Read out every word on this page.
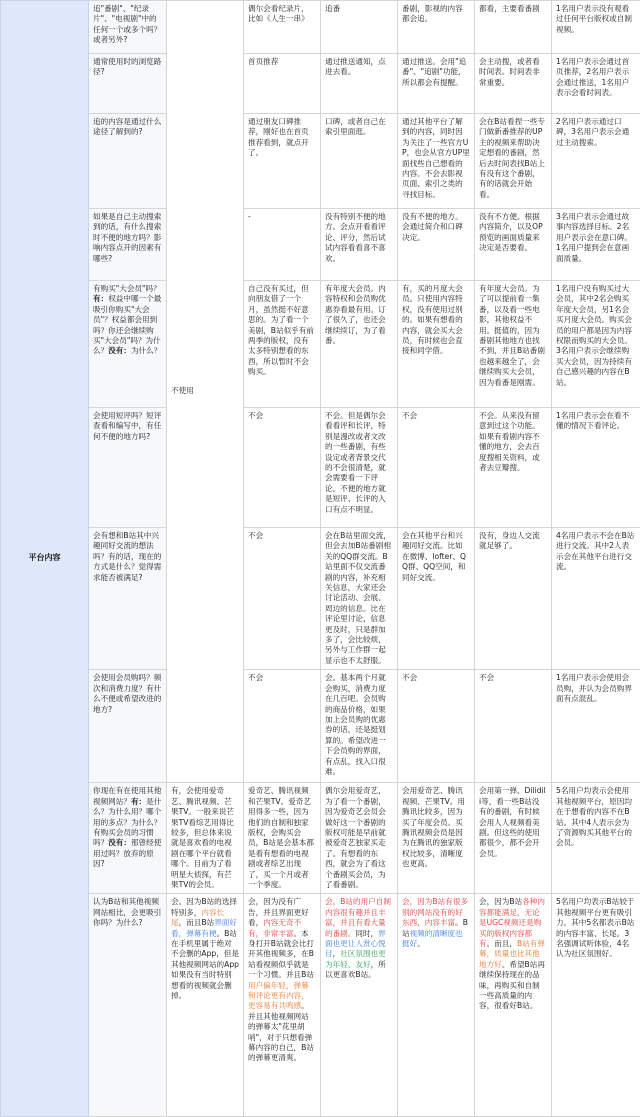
平台内容	追"番剧"、"纪录片"、"电视剧"中的任何一个或多个吗？或者另外?	不使用	偶尔会看纪录片，比如《人生一串》	追番	番剧，影视的内容都会追。	都看，主要看番剧	1名用户表示没有观看过任何平台版权或自制视频。
	通常使用时的浏览路径?		首页推荐	通过推送通知，点进去看。	通过推送。会用"追番"、"追剧"功能，所以都会有提醒。	会主动搜，或者看时间表。时间表非常重要。	1名用户表示会通过首页推荐，2名用户表示会通过推送，1名用户表示会看时间表。
	追的内容是通过什么途径了解到的?		通过朋友口碑推荐，刚好也在首页推荐看到，就点开了。	口碑，或者自己在索引里面逛。	通过其他平台了解到的内容，同时因为关注了一些官方UP，也会从官方UP里面找些自己想看的内容。不会去影视页面、索引之类的寻找目标。	会在B站看捏一些专门做新番推荐的UP主的视频来帮助决定想看的番剧，然后去时间表找B站上有没有这个番剧，有的话就会开始看。	2名用户表示通过口碑，3名用户表示会通过主动搜索。
	如果是自己主动搜索到的话，有什么搜索时不便的地方吗？影响内容点开的因素有哪些?		-	没有特别不便的地方。会点开看看评论、评分，然后试试内容看看喜不喜欢。	没有不便的地方。会通过简介和口碑决定。	没有不方便。根据内容简介，以及OP预览的画面质量来决定是否要看。	3名用户表示会通过故事内容选择目标。2名用户表示会在意口碑。1名用户提到会在意画面质量。
	有购买"大会员"吗？有：权益中哪一个最吸引你购买"大会员"？权益都会用到吗？你还会继续购买"大会员"吗？为什么？没有：为什么？		自己没有买过，但向朋友借了一个月，虽然挺不好意思的。为了看一个美剧，B站似乎有前两季的版权，没有太多特别想看的东西，所以暂时不会购买。	有年度大会员。内容特权和会员购优惠券看最有用。订了很久了，也还会继续续订，为了看番。	有，买的月度大会员。只使用内容特权，没有使用过别的。如果有想看的内容，就会买大会员，有时候也会直接和同学借。	有年度大会员。为了可以提前看一集番，以及看一些电影，其他权益不用。挺值的，因为番剧其他地方也找不到，并且B站番剧也越来越全了，会继续购买大会员，因为看番是刚需。	1名用户没有购买过大会员，其中2名会购买年度大会员，另1名会买月度大会员。购买会员的用户都是因为内容权限而购买的大会员。3名用户表示会继续购买大会员，因为持续有自己感兴趣的内容在B站。
	会使用短评吗？短评查看和编写中，有任何不便的地方吗?		不会	不会。但是偶尔会看看评和长评，特别是漫改或者文改的一些番剧，有些设定或者背景交代的不会很清楚，就会需要看一下评论。不便的地方就是短评、长评的入口有点不明显。	不会	不会。从来没有留意到过这个功能。如果有看剧内容不懂的地方，会去百度搜相关资料，或者去豆瓣搜。	1名用户表示会在看不懂的情况下看评论。
	会有想和B站其中兴趣同好交流的想法吗？有的话，现在的方式是什么？觉得需求能否被满足?		不会	会在B站里面交流，但会去加B站番剧相关的QQ群交流。B站里面不仅交流番剧的内容，补充相关信息，大家还会讨论活动、会展、周边的信息。比在评论里讨论，信息更及时，只是群加多了，会比较烦，另外与工作群一起显示也不太舒服。	会在其他平台和兴趣同好交流。比如在微博、lofter、QQ群、QQ空间，和同好交流。	没有，身边人交流就足够了。	4名用户表示不会在B站进行交流。其中2人表示会在其他平台进行交流。
	会使用会员购吗？频次和消费力度？有什么不便或希望改进的地方?		不会	会。基本两个月就会购买，消费力度在几百吧。会员购的商品价格，如果加上会员购的优惠券的话，还是挺划算的。希望改进一下会员购的界面，有点乱，找入口很难。	不会	不会	1名用户表示会使用会员购，并认为会员购界面有点混乱。
	你现在有在使用其他视频网站？有：是什么？为什么用？哪个用的多点？为什么？有购买会员的习惯吗？没有：那曾经使用过吗？放弃的原因?	有，会使用爱奇艺、腾讯视频、芒果TV。一般来说芒果TV看综艺用得比较多，但总体来说就是喜欢看的电视剧在哪个平台就看哪个。目前为了看明星大侦探，有芒果TV的会员。	爱奇艺、腾讯视频和芒果TV。爱奇艺用得多一些，因为他们的自制和独家版权，会购买会员，B站是会基本都是看有想看的电视剧或者综艺出现了，买一个月或者一个季度。	偶尔会用爱奇艺，为了看一个番剧，因为爱奇艺会员会做好这一个番剧的版权可能是早前就被爱奇艺独家买走了。有想看的东西，就会为了看这个番剧买会员，为了看番剧。	会用爱奇艺、腾讯视频、芒果TV。用腾讯比较多，因为买了年度会员。买腾讯视频会员是因为在腾讯的独家版权比较多，清晰度也更高。	会用第一弹、Dilidili等，看一些B站没有的番剧，有时候会用人人视频看美剧。但这些的使用都很少，都不会开会员。	5名用户均表示会使用其他视频平台，原因均在于想看的内容不在B站。其中4人表示会为了资源购买其他平台的会员。
	认为B站和其他视频网站相比，会更吸引你吗？为什么?	会。因为B站的选择特别多，内容长尾，而且B站界面好看，弹幕有梗。B站在手机里属于绝对不会删的App，但是其他视频网站的App如果没有当时特别想看的视频就会删掉。	会，因为没有广告，并且界面更好看，内容无奇不有，非常丰富。本身打开B站就会比打开其他视频多，在B站看视频似乎就是一个习惯。并且B站用户偏年轻，弹幕和评论更有内容，更容易有共鸣感。并且其他视频网站的弹幕太"花里胡哨"，对于只想看弹幕内容的自己，B站的弹幕更清爽。	会，B站的用户自制内容很有趣并且丰富，并且有看大量的番剧。同时，界面也更让人赏心悦目，社区氛围也更为年轻、友好，所以更喜欢B站。	会，因为B站有很多别的网站没有的好东西，内容丰富。B站视频的清晰度也挺好。	会，因为B站各种内容都能满足，无论是UGC视频还是购买的版权内容都有。而且，B站有弹幕，质量也比其他地方好。希望B站再继续保持现在的品味，再购买和自制一些高质量的内容，很看好B站。	5名用户均表示B站较于其他视频平台更有吸引力。其中5名都表示B站的内容丰富、长尾。3名强调试听体验，4名认为社区氛围好。
